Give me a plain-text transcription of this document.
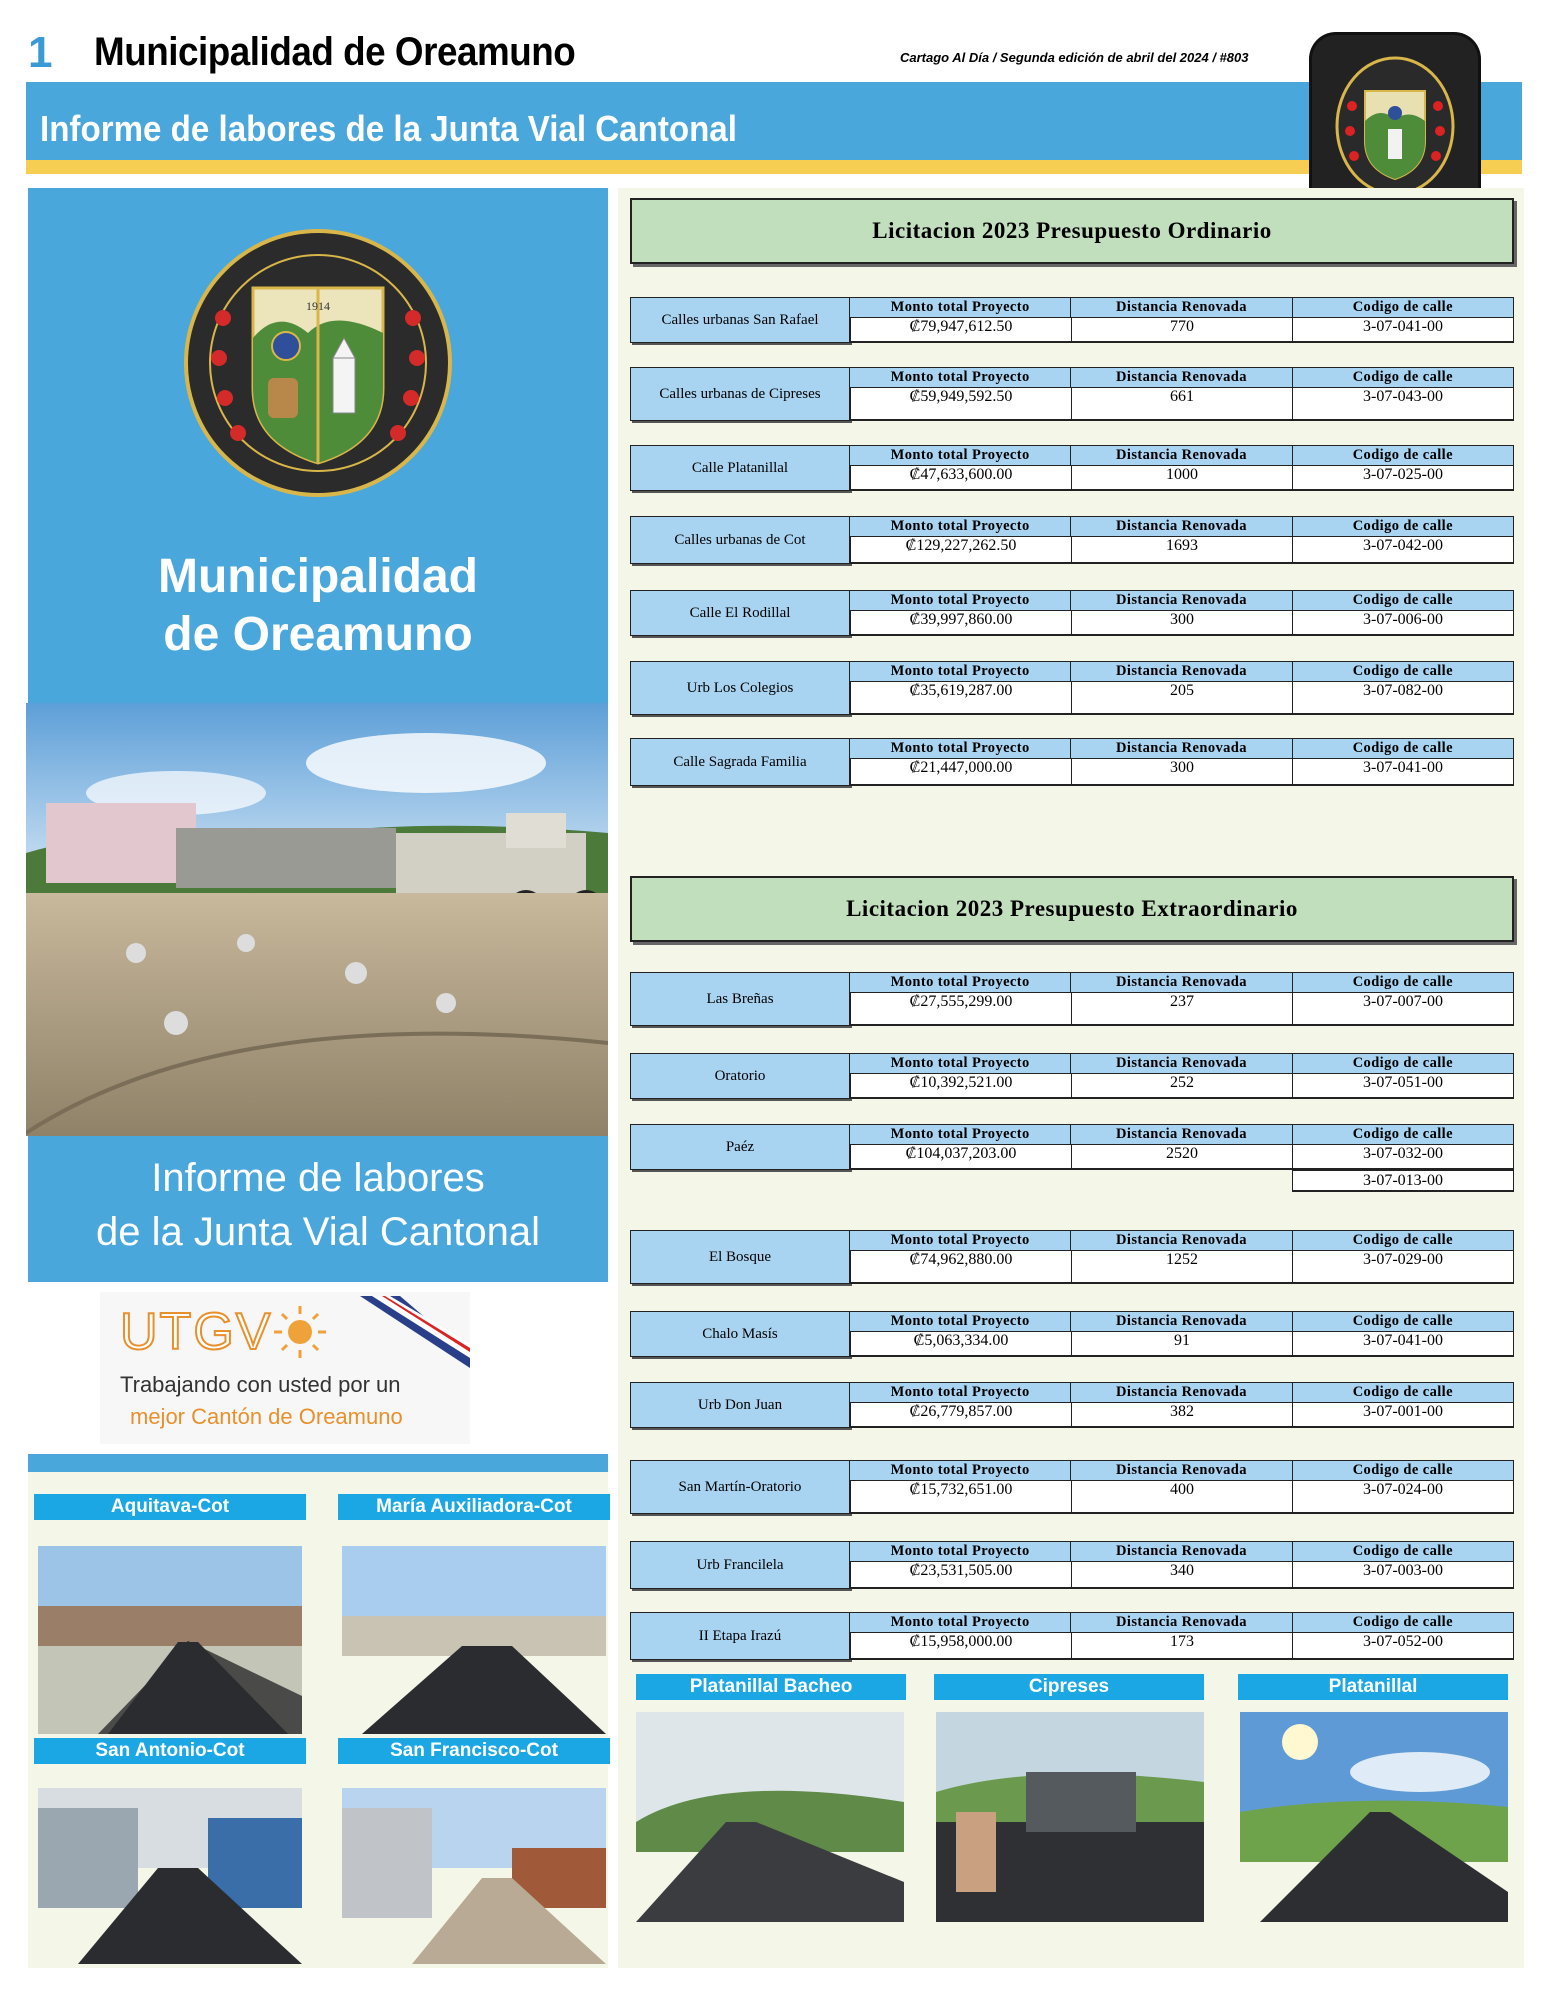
1 Municipalidad de Oreamuno	Cartago Al Día / Segunda edición de abril del 2024 / #803
Informe de labores de la Junta Vial Cantonal
1914
Municipalidad
de Oreamuno
Informe de labores
de la Junta Vial Cantonal
UTGV
Trabajando con usted por un
mejor Cantón de Oreamuno
Aquitava-Cot	María Auxiliadora-Cot
San Antonio-Cot	San Francisco-Cot
Licitacion 2023 Presupuesto Ordinario
Calles urbanas San Rafael
Monto total Proyecto	Distancia Renovada	Codigo de calle
₡79,947,612.50	770	3-07-041-00
Calles urbanas de Cipreses
Monto total Proyecto	Distancia Renovada	Codigo de calle
₡59,949,592.50	661	3-07-043-00
Calle Platanillal
Monto total Proyecto	Distancia Renovada	Codigo de calle
₡47,633,600.00	1000	3-07-025-00
Calles urbanas de Cot
Monto total Proyecto	Distancia Renovada	Codigo de calle
₡129,227,262.50	1693	3-07-042-00
Calle El Rodillal
Monto total Proyecto	Distancia Renovada	Codigo de calle
₡39,997,860.00	300	3-07-006-00
Urb Los Colegios
Monto total Proyecto	Distancia Renovada	Codigo de calle
₡35,619,287.00	205	3-07-082-00
Calle Sagrada Familia
Monto total Proyecto	Distancia Renovada	Codigo de calle
₡21,447,000.00	300	3-07-041-00
Licitacion 2023 Presupuesto Extraordinario
Las Breñas
Monto total Proyecto	Distancia Renovada	Codigo de calle
₡27,555,299.00	237	3-07-007-00
Oratorio
Monto total Proyecto	Distancia Renovada	Codigo de calle
₡10,392,521.00	252	3-07-051-00
Paéz
Monto total Proyecto	Distancia Renovada	Codigo de calle
₡104,037,203.00	2520	3-07-032-00
3-07-013-00
El Bosque
Monto total Proyecto	Distancia Renovada	Codigo de calle
₡74,962,880.00	1252	3-07-029-00
Chalo Masís
Monto total Proyecto	Distancia Renovada	Codigo de calle
₡5,063,334.00	91	3-07-041-00
Urb Don Juan
Monto total Proyecto	Distancia Renovada	Codigo de calle
₡26,779,857.00	382	3-07-001-00
San Martín-Oratorio
Monto total Proyecto	Distancia Renovada	Codigo de calle
₡15,732,651.00	400	3-07-024-00
Urb Francilela
Monto total Proyecto	Distancia Renovada	Codigo de calle
₡23,531,505.00	340	3-07-003-00
II Etapa Irazú
Monto total Proyecto	Distancia Renovada	Codigo de calle
₡15,958,000.00	173	3-07-052-00
Platanillal Bacheo	Cipreses	Platanillal
